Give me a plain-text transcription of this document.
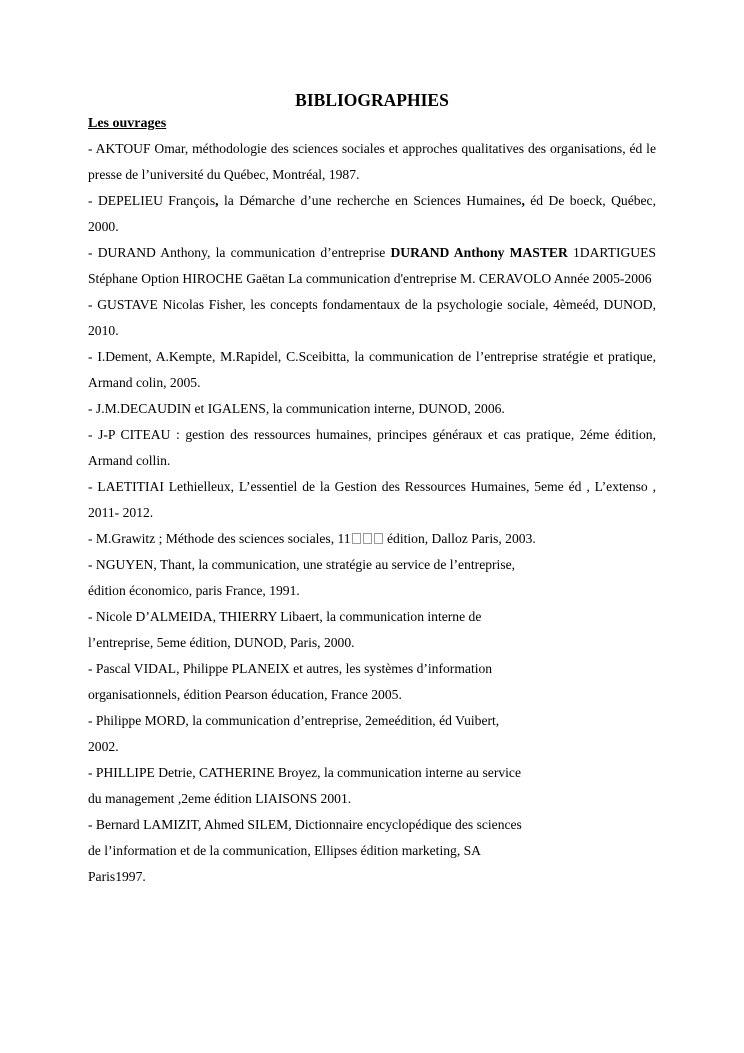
BIBLIOGRAPHIES
Les ouvrages

- AKTOUF Omar, méthodologie des sciences sociales et approches qualitatives des organisations, éd le presse de l’université du Québec, Montréal, 1987.

- DEPELIEU François, la Démarche d’une recherche en Sciences Humaines, éd De boeck, Québec, 2000.

- DURAND Anthony, la communication d’entreprise DURAND Anthony MASTER 1DARTIGUES Stéphane Option HIROCHE Gaëtan La communication d'entreprise M. CERAVOLO Année 2005-2006

- GUSTAVE Nicolas Fisher, les concepts fondamentaux de la psychologie sociale, 4èmeéd, DUNOD, 2010.

- I.Dement, A.Kempte, M.Rapidel, C.Sceibitta, la communication de l’entreprise stratégie et pratique, Armand colin, 2005.

- J.M.DECAUDIN et IGALENS, la communication interne, DUNOD, 2006.

- J-P CITEAU : gestion des ressources humaines, principes généraux et cas pratique, 2éme édition, Armand collin.

- LAETITIAI Lethielleux, L’essentiel de la Gestion des Ressources Humaines, 5eme éd , L’extenso , 2011- 2012.

- M.Grawitz ; Méthode des sciences sociales, 11 édition, Dalloz Paris, 2003.

- NGUYEN, Thant, la communication, une stratégie au service de l’entreprise,
édition économico, paris France, 1991.

- Nicole D’ALMEIDA, THIERRY Libaert, la communication interne de
l’entreprise, 5eme édition, DUNOD, Paris, 2000.

- Pascal VIDAL, Philippe PLANEIX et autres, les systèmes d’information
organisationnels, édition Pearson éducation, France 2005.

- Philippe MORD, la communication d’entreprise, 2emeédition, éd Vuibert,
2002.

- PHILLIPE Detrie, CATHERINE Broyez, la communication interne au service
du management ,2eme édition LIAISONS 2001.

- Bernard LAMIZIT, Ahmed SILEM, Dictionnaire encyclopédique des sciences
de l’information et de la communication, Ellipses édition marketing, SA
Paris1997.
